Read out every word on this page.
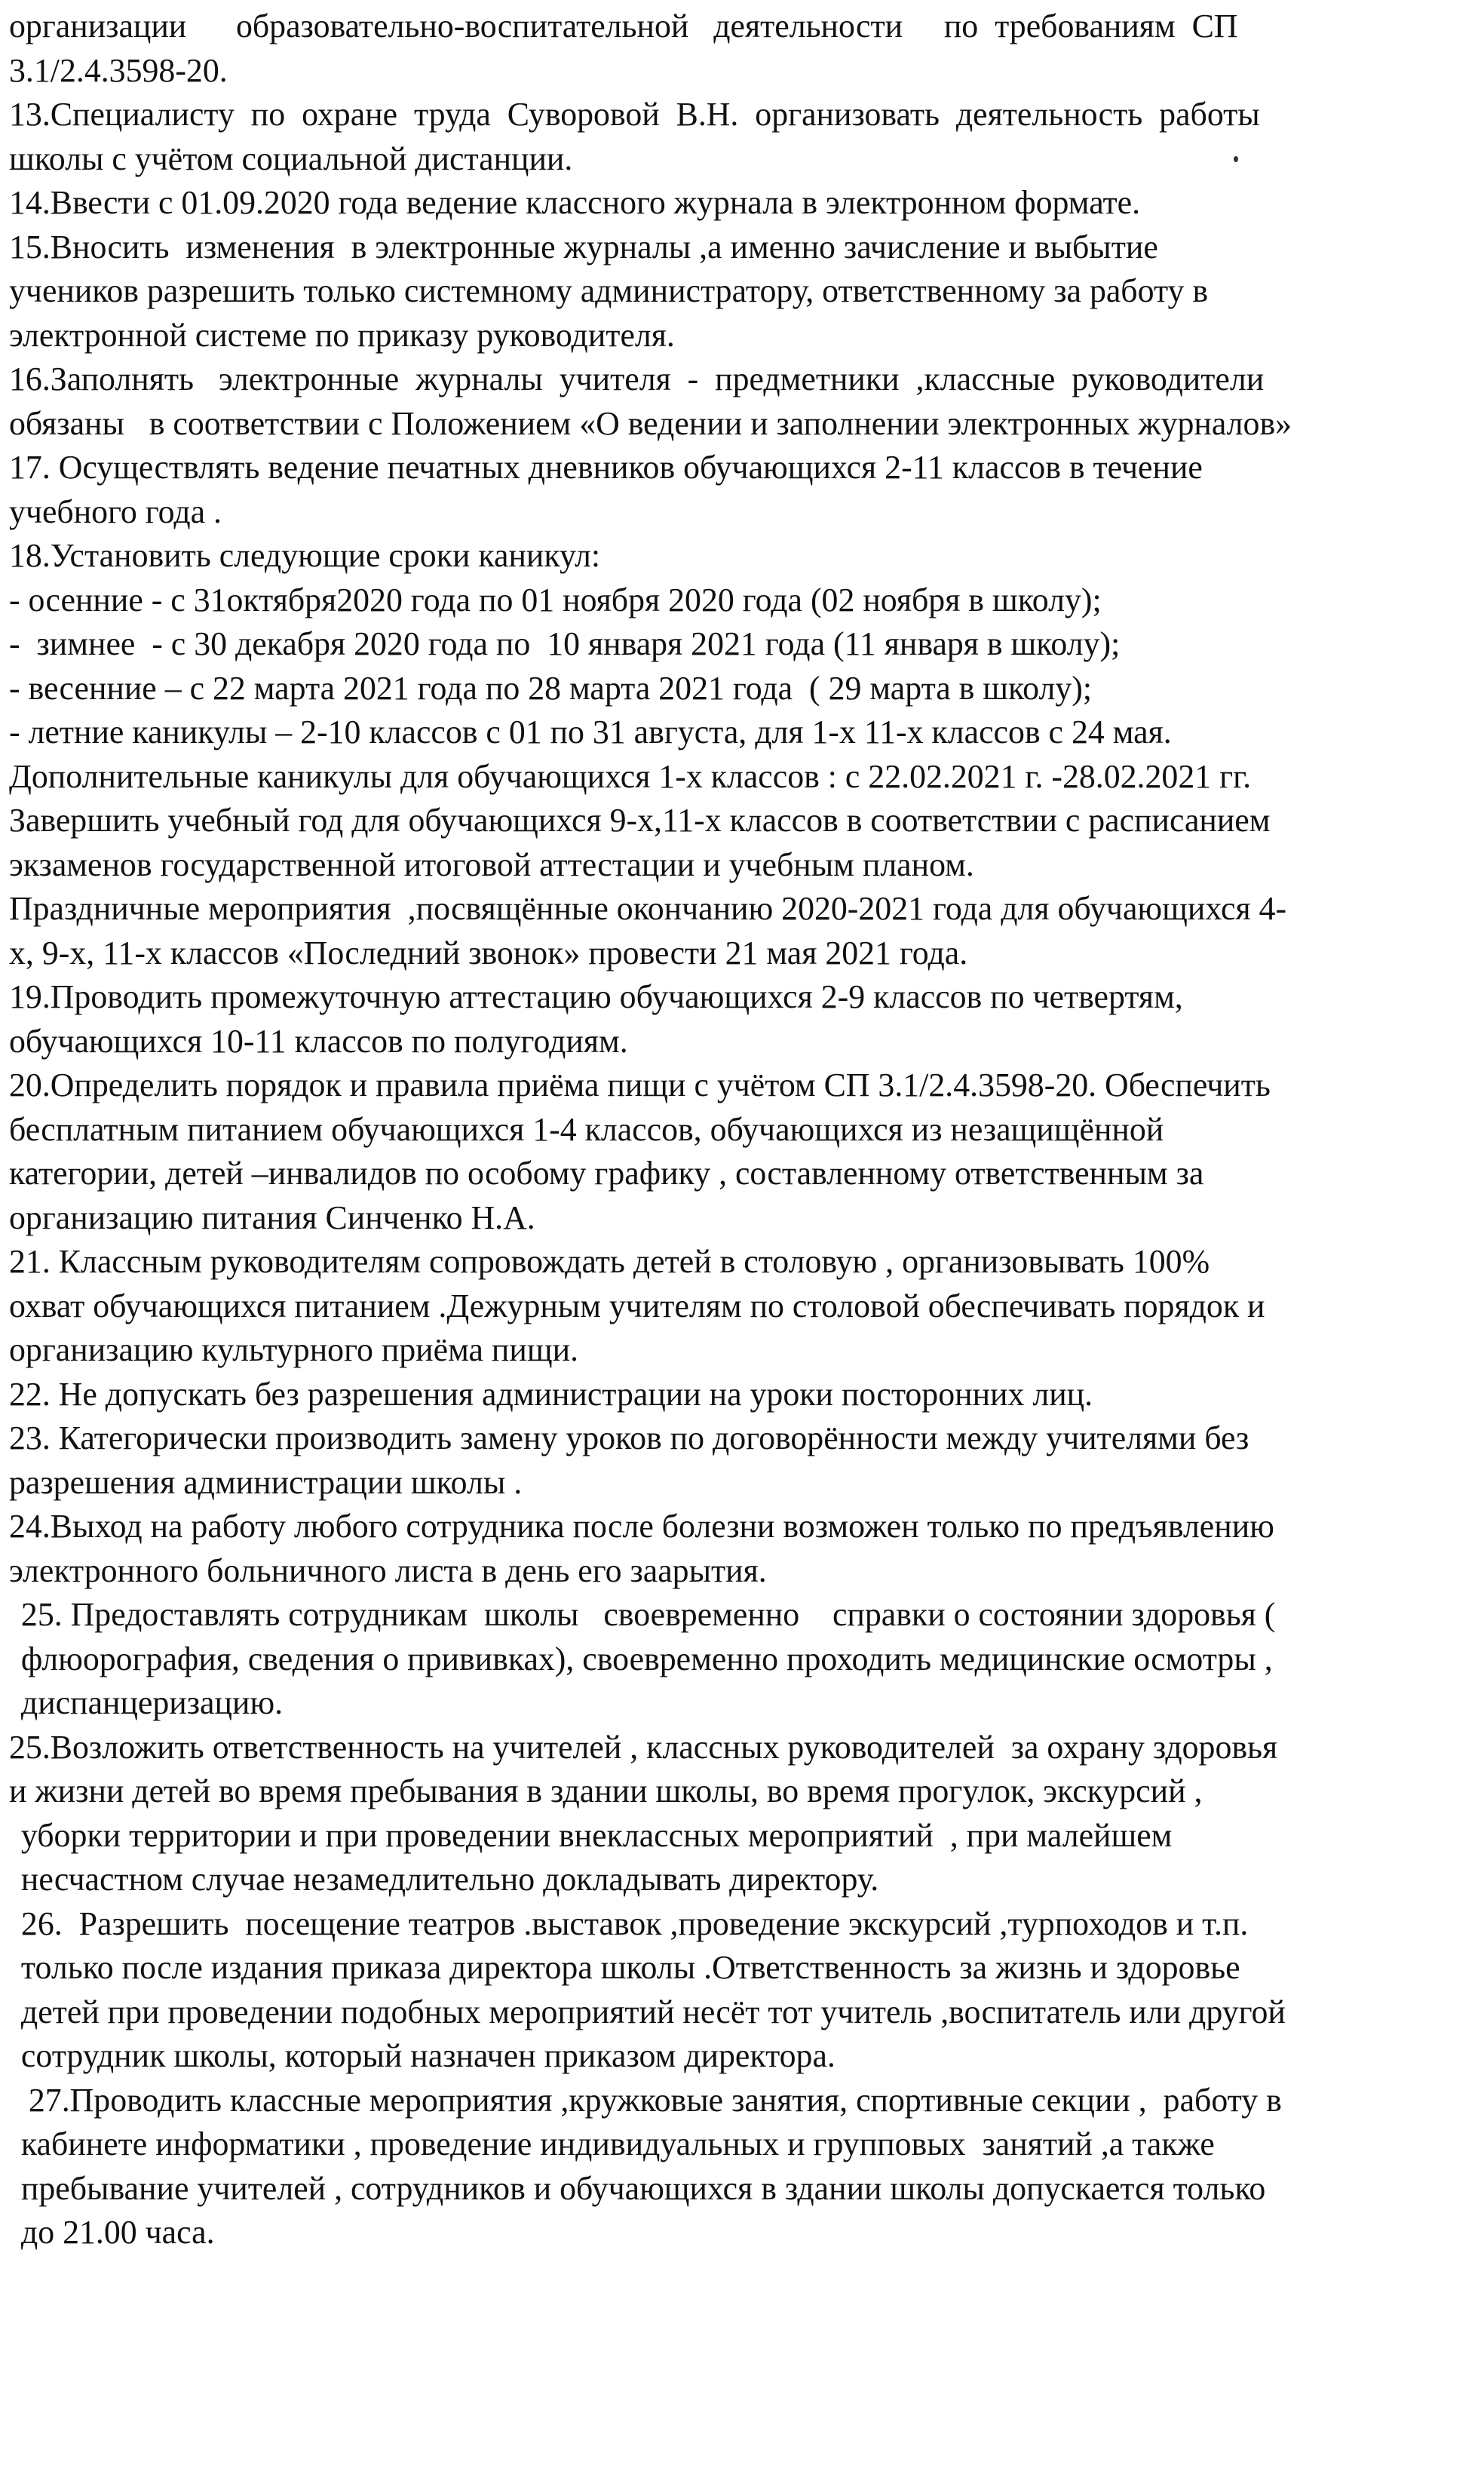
организации      образовательно-воспитательной   деятельности     по  требованиям  СП
3.1/2.4.3598-20.
13.Специалисту  по  охране  труда  Суворовой  В.Н.  организовать  деятельность  работы
школы с учётом социальной дистанции.
14.Ввести с 01.09.2020 года ведение классного журнала в электронном формате.
15.Вносить  изменения  в электронные журналы ,а именно зачисление и выбытие
учеников разрешить только системному администратору, ответственному за работу в
электронной системе по приказу руководителя.
16.Заполнять   электронные  журналы  учителя  -  предметники  ,классные  руководители
обязаны   в соответствии с Положением «О ведении и заполнении электронных журналов»
17. Осуществлять ведение печатных дневников обучающихся 2-11 классов в течение
учебного года .
18.Установить следующие сроки каникул:
- осенние - с 31октября2020 года по 01 ноября 2020 года (02 ноября в школу);
-  зимнее  - с 30 декабря 2020 года по  10 января 2021 года (11 января в школу);
- весенние – с 22 марта 2021 года по 28 марта 2021 года  ( 29 марта в школу);
- летние каникулы – 2-10 классов с 01 по 31 августа, для 1-х 11-х классов с 24 мая.
Дополнительные каникулы для обучающихся 1-х классов : с 22.02.2021 г. -28.02.2021 гг.
Завершить учебный год для обучающихся 9-х,11-х классов в соответствии с расписанием
экзаменов государственной итоговой аттестации и учебным планом.
Праздничные мероприятия  ,посвящённые окончанию 2020-2021 года для обучающихся 4-
х, 9-х, 11-х классов «Последний звонок» провести 21 мая 2021 года.
19.Проводить промежуточную аттестацию обучающихся 2-9 классов по четвертям,
обучающихся 10-11 классов по полугодиям.
20.Определить порядок и правила приёма пищи с учётом СП 3.1/2.4.3598-20. Обеспечить
бесплатным питанием обучающихся 1-4 классов, обучающихся из незащищённой
категории, детей –инвалидов по особому графику , составленному ответственным за
организацию питания Синченко Н.А.
21. Классным руководителям сопровождать детей в столовую , организовывать 100%
охват обучающихся питанием .Дежурным учителям по столовой обеспечивать порядок и
организацию культурного приёма пищи.
22. Не допускать без разрешения администрации на уроки посторонних лиц.
23. Категорически производить замену уроков по договорённости между учителями без
разрешения администрации школы .
24.Выход на работу любого сотрудника после болезни возможен только по предъявлению
электронного больничного листа в день его заарытия.
25. Предоставлять сотрудникам  школы   своевременно    справки о состоянии здоровья (
флюорография, сведения о прививках), своевременно проходить медицинские осмотры ,
диспанцеризацию.
25.Возложить ответственность на учителей , классных руководителей  за охрану здоровья
и жизни детей во время пребывания в здании школы, во время прогулок, экскурсий ,
уборки территории и при проведении внеклассных мероприятий  , при малейшем
несчастном случае незамедлительно докладывать директору.
26.  Разрешить  посещение театров .выставок ,проведение экскурсий ,турпоходов и т.п.
только после издания приказа директора школы .Ответственность за жизнь и здоровье
детей при проведении подобных мероприятий несёт тот учитель ,воспитатель или другой
сотрудник школы, который назначен приказом директора.
27.Проводить классные мероприятия ,кружковые занятия, спортивные секции ,  работу в
кабинете информатики , проведение индивидуальных и групповых  занятий ,а также
пребывание учителей , сотрудников и обучающихся в здании школы допускается только
до 21.00 часа.
